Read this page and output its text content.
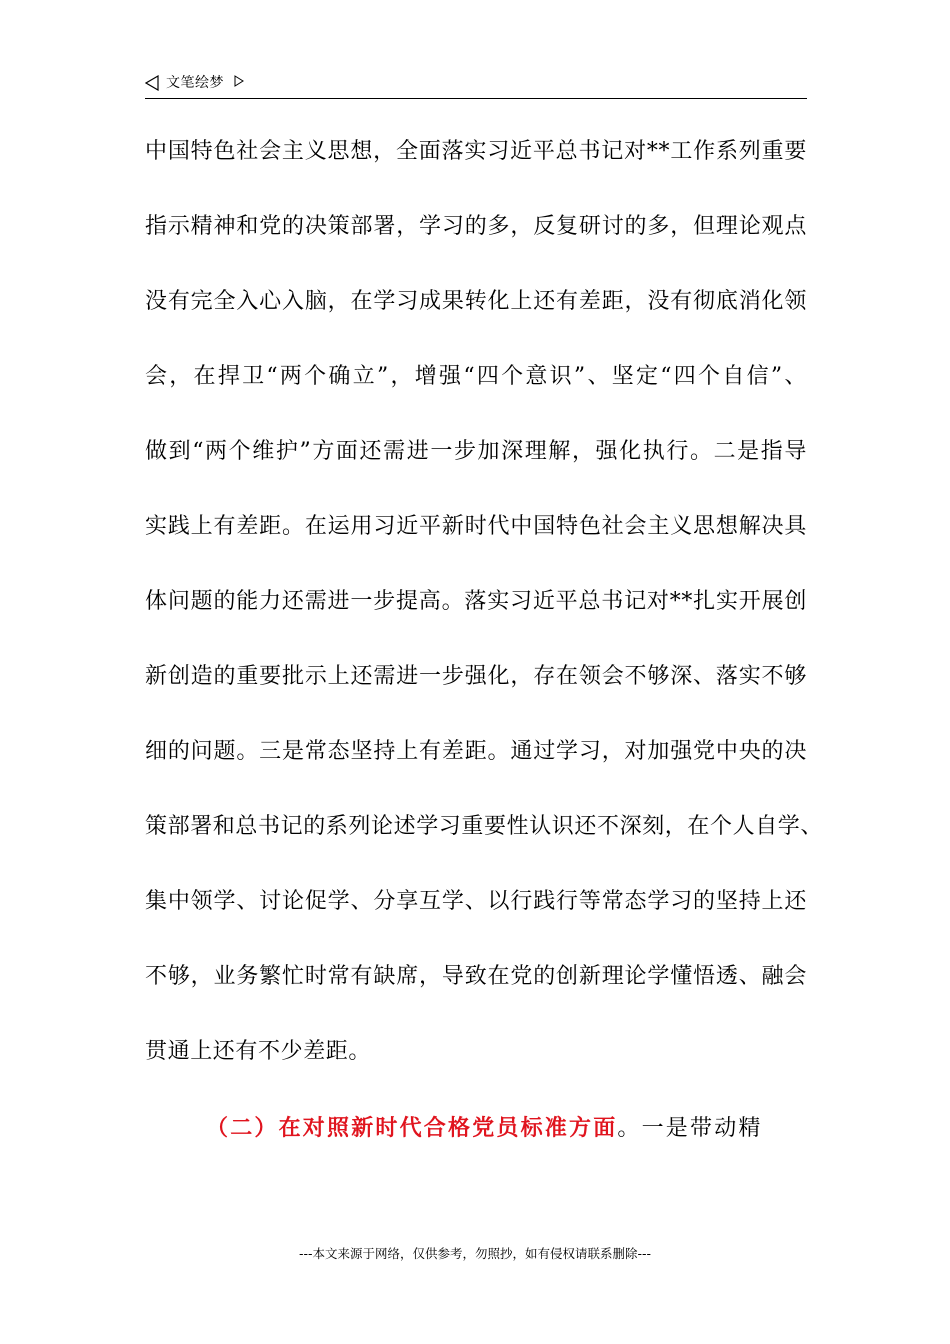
文笔绘梦
中国特色社会主义思想，全面落实习近平总书记对**工作系列重要
指示精神和党的决策部署，学习的多，反复研讨的多，但理论观点
没有完全入心入脑，在学习成果转化上还有差距，没有彻底消化领
会，在捍卫“两个确立”，增强“四个意识”、坚定“四个自信”、
做到“两个维护”方面还需进一步加深理解，强化执行。二是指导
实践上有差距。在运用习近平新时代中国特色社会主义思想解决具
体问题的能力还需进一步提高。落实习近平总书记对**扎实开展创
新创造的重要批示上还需进一步强化，存在领会不够深、落实不够
细的问题。三是常态坚持上有差距。通过学习，对加强党中央的决
策部署和总书记的系列论述学习重要性认识还不深刻，在个人自学、
集中领学、讨论促学、分享互学、以行践行等常态学习的坚持上还
不够，业务繁忙时常有缺席，导致在党的创新理论学懂悟透、融会
贯通上还有不少差距。
（二）在对照新时代合格党员标准方面。一是带动精
---本文来源于网络，仅供参考，勿照抄，如有侵权请联系删除---
